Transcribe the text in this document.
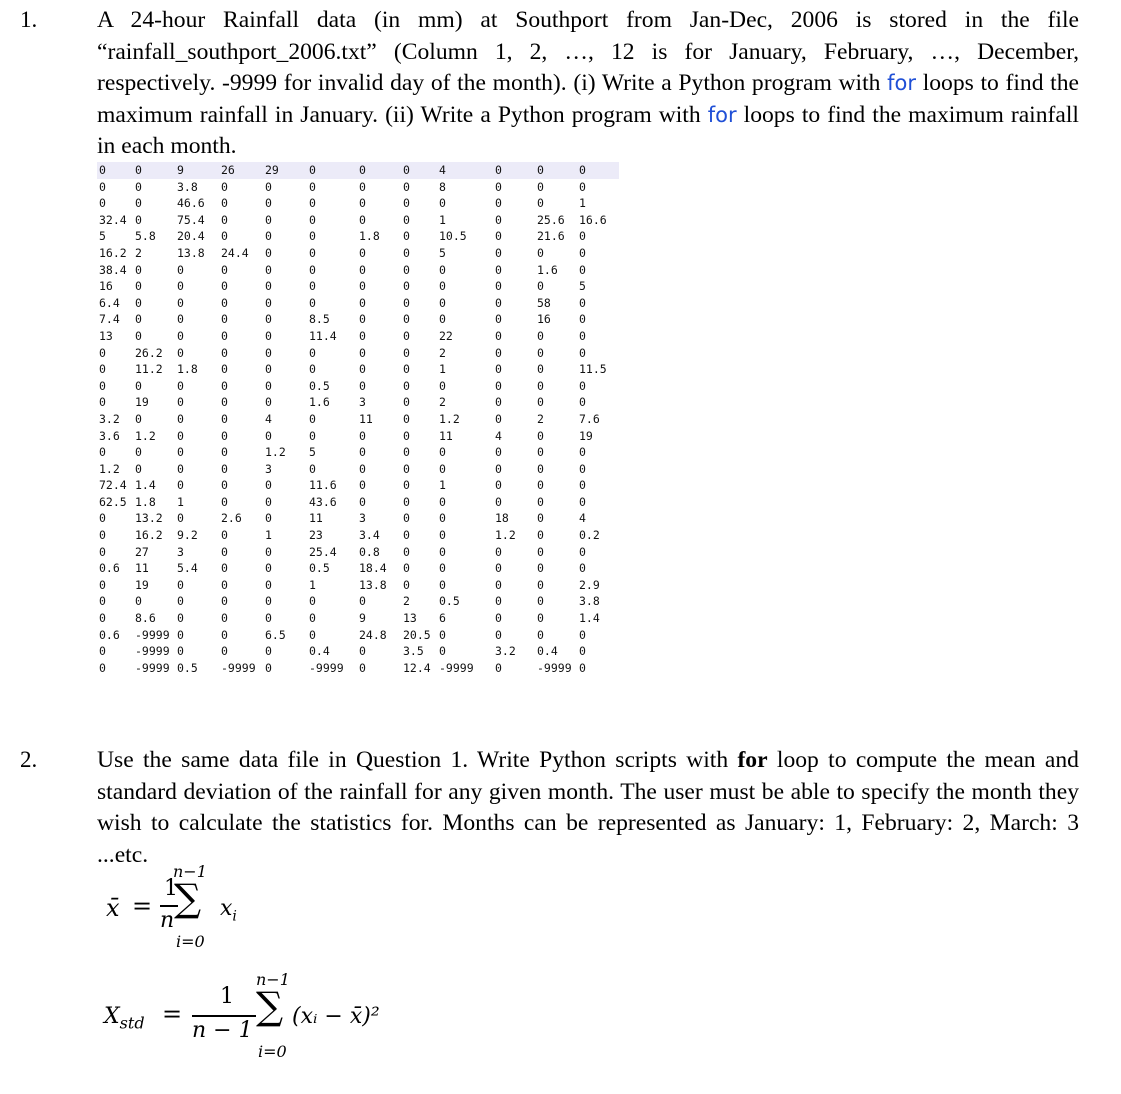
1.	A 24-hour Rainfall data (in mm) at Southport from Jan-Dec, 2006 is stored in the file “rainfall_southport_2006.txt” (Column 1, 2, …, 12 is for January, February, …, December, respectively. -9999 for invalid day of the month). (i) Write a Python program with for loops to find the maximum rainfall in January. (ii) Write a Python program with for loops to find the maximum rainfall in each month.
0	0	9	26	29	0	0	0	4	0	0	0
0	0	3.8	0	0	0	0	0	8	0	0	0
0	0	46.6	0	0	0	0	0	0	0	0	1
32.4	0	75.4	0	0	0	0	0	1	0	25.6	16.6
5	5.8	20.4	0	0	0	1.8	0	10.5	0	21.6	0
16.2	2	13.8	24.4	0	0	0	0	5	0	0	0
38.4	0	0	0	0	0	0	0	0	0	1.6	0
16	0	0	0	0	0	0	0	0	0	0	5
6.4	0	0	0	0	0	0	0	0	0	58	0
7.4	0	0	0	0	8.5	0	0	0	0	16	0
13	0	0	0	0	11.4	0	0	22	0	0	0
0	26.2	0	0	0	0	0	0	2	0	0	0
0	11.2	1.8	0	0	0	0	0	1	0	0	11.5
0	0	0	0	0	0.5	0	0	0	0	0	0
0	19	0	0	0	1.6	3	0	2	0	0	0
3.2	0	0	0	4	0	11	0	1.2	0	2	7.6
3.6	1.2	0	0	0	0	0	0	11	4	0	19
0	0	0	0	1.2	5	0	0	0	0	0	0
1.2	0	0	0	3	0	0	0	0	0	0	0
72.4	1.4	0	0	0	11.6	0	0	1	0	0	0
62.5	1.8	1	0	0	43.6	0	0	0	0	0	0
0	13.2	0	2.6	0	11	3	0	0	18	0	4
0	16.2	9.2	0	1	23	3.4	0	0	1.2	0	0.2
0	27	3	0	0	25.4	0.8	0	0	0	0	0
0.6	11	5.4	0	0	0.5	18.4	0	0	0	0	0
0	19	0	0	0	1	13.8	0	0	0	0	2.9
0	0	0	0	0	0	0	2	0.5	0	0	3.8
0	8.6	0	0	0	0	9	13	6	0	0	1.4
0.6	-9999	0	0	6.5	0	24.8	20.5	0	0	0	0
0	-9999	0	0	0	0.4	0	3.5	0	3.2	0.4	0
0	-9999	0.5	-9999	0	-9999	0	12.4	-9999	0	-9999	0
2.	Use the same data file in Question 1. Write Python scripts with for loop to compute the mean and standard deviation of the rainfall for any given month. The user must be able to specify the month they wish to calculate the statistics for. Months can be represented as January: 1, February: 2, March: 3 ...etc.
x̄ =
1
n
n−1
∑
i=0
$x_i$
$X_{std}$ =
1
n − 1
n−1
∑
i=0
(xᵢ − x̄)²
